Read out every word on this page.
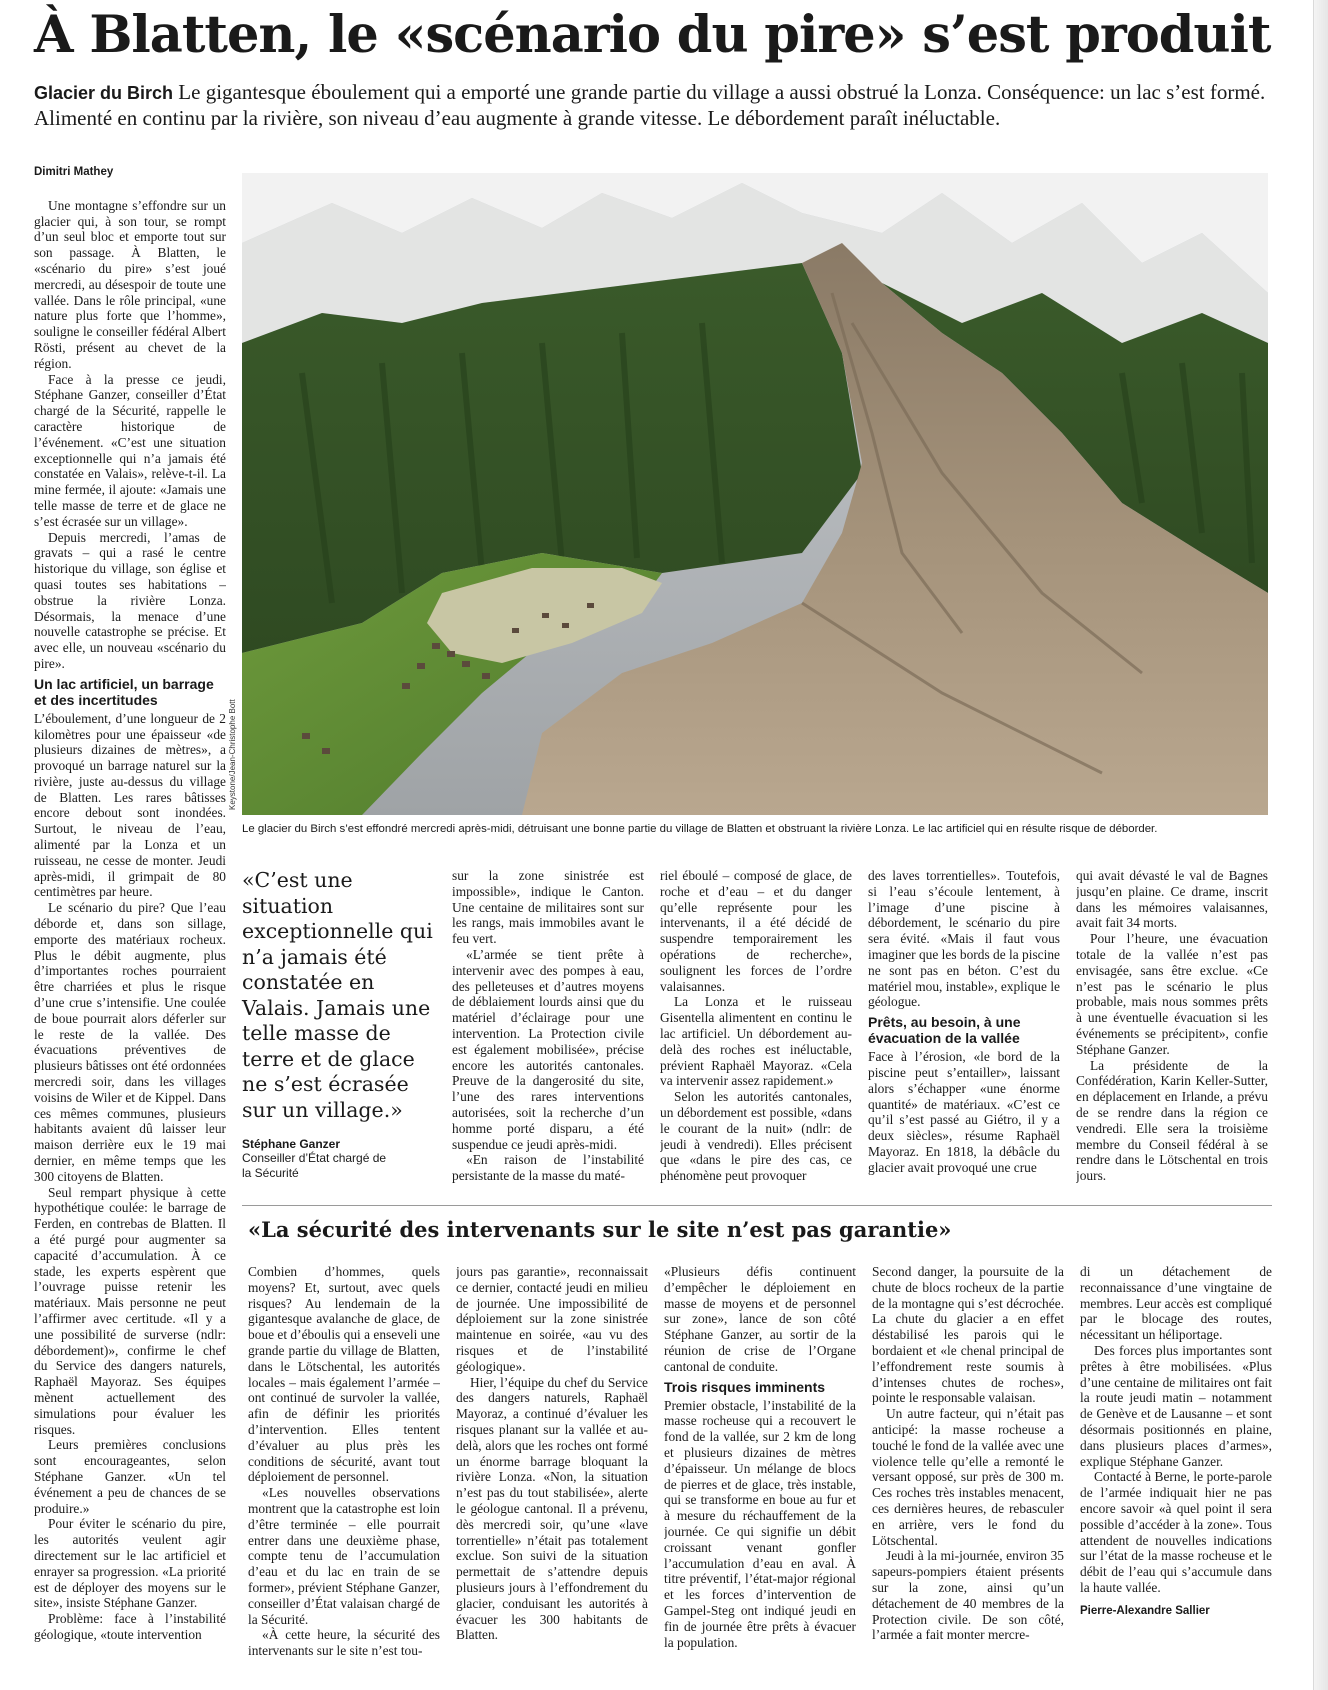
À Blatten, le «scénario du pire» s’est produit

Glacier du Birch Le gigantesque éboulement qui a emporté une grande partie du village a aussi obstrué la Lonza. Conséquence: un lac s’est formé. Alimenté en continu par la rivière, son niveau d’eau augmente à grande vitesse. Le débordement paraît inéluctable.

Dimitri Mathey

Une montagne s’effondre sur un glacier qui, à son tour, se rompt d’un seul bloc et emporte tout sur son passage. À Blatten, le «scénario du pire» s’est joué mercredi, au désespoir de toute une vallée. Dans le rôle principal, «une nature plus forte que l’homme», souligne le conseiller fédéral Albert Rösti, présent au chevet de la région.

Face à la presse ce jeudi, Stéphane Ganzer, conseiller d’État chargé de la Sécurité, rappelle le caractère historique de l’événement. «C’est une situation exceptionnelle qui n’a jamais été constatée en Valais», relève-t-il. La mine fermée, il ajoute: «Jamais une telle masse de terre et de glace ne s’est écrasée sur un village».

Depuis mercredi, l’amas de gravats – qui a rasé le centre historique du village, son église et quasi toutes ses habitations – obstrue la rivière Lonza. Désormais, la menace d’une nouvelle catastrophe se précise. Et avec elle, un nouveau «scénario du pire».

Un lac artificiel, un barrage et des incertitudes

L’éboulement, d’une longueur de 2 kilomètres pour une épaisseur «de plusieurs dizaines de mètres», a provoqué un barrage naturel sur la rivière, juste au-dessus du village de Blatten. Les rares bâtisses encore debout sont inondées. Surtout, le niveau de l’eau, alimenté par la Lonza et un ruisseau, ne cesse de monter. Jeudi après-midi, il grimpait de 80 centimètres par heure.

Le scénario du pire? Que l’eau déborde et, dans son sillage, emporte des matériaux rocheux. Plus le débit augmente, plus d’importantes roches pourraient être charriées et plus le risque d’une crue s’intensifie. Une coulée de boue pourrait alors déferler sur le reste de la vallée. Des évacuations préventives de plusieurs bâtisses ont été ordonnées mercredi soir, dans les villages voisins de Wiler et de Kippel. Dans ces mêmes communes, plusieurs habitants avaient dû laisser leur maison derrière eux le 19 mai dernier, en même temps que les 300 citoyens de Blatten.

Seul rempart physique à cette hypothétique coulée: le barrage de Ferden, en contrebas de Blatten. Il a été purgé pour augmenter sa capacité d’accumulation. À ce stade, les experts espèrent que l’ouvrage puisse retenir les matériaux. Mais personne ne peut l’affirmer avec certitude. «Il y a une possibilité de surverse (ndlr: débordement)», confirme le chef du Service des dangers naturels, Raphaël Mayoraz. Ses équipes mènent actuellement des simulations pour évaluer les risques.

Leurs premières conclusions sont encourageantes, selon Stéphane Ganzer. «Un tel événement a peu de chances de se produire.»

Pour éviter le scénario du pire, les autorités veulent agir directement sur le lac artificiel et enrayer sa progression. «La priorité est de déployer des moyens sur le site», insiste Stéphane Ganzer.

Problème: face à l’instabilité géologique, «toute intervention

Keystone/Jean-Christophe Bott
Le glacier du Birch s’est effondré mercredi après-midi, détruisant une bonne partie du village de Blatten et obstruant la rivière Lonza. Le lac artificiel qui en résulte risque de déborder.

«C’est une situation exceptionnelle qui n’a jamais été constatée en Valais. Jamais une telle masse de terre et de glace ne s’est écrasée sur un village.»

Stéphane Ganzer
Conseiller d’État chargé de la Sécurité

sur la zone sinistrée est impossible», indique le Canton. Une centaine de militaires sont sur les rangs, mais immobiles avant le feu vert.

«L’armée se tient prête à intervenir avec des pompes à eau, des pelleteuses et d’autres moyens de déblaiement lourds ainsi que du matériel d’éclairage pour une intervention. La Protection civile est également mobilisée», précise encore les autorités cantonales. Preuve de la dangerosité du site, l’une des rares interventions autorisées, soit la recherche d’un homme porté disparu, a été suspendue ce jeudi après-midi.

«En raison de l’instabilité persistante de la masse du maté-

riel éboulé – composé de glace, de roche et d’eau – et du danger qu’elle représente pour les intervenants, il a été décidé de suspendre temporairement les opérations de recherche», soulignent les forces de l’ordre valaisannes.

La Lonza et le ruisseau Gisentella alimentent en continu le lac artificiel. Un débordement au-delà des roches est inéluctable, prévient Raphaël Mayoraz. «Cela va intervenir assez rapidement.»

Selon les autorités cantonales, un débordement est possible, «dans le courant de la nuit» (ndlr: de jeudi à vendredi). Elles précisent que «dans le pire des cas, ce phénomène peut provoquer

des laves torrentielles». Toutefois, si l’eau s’écoule lentement, à l’image d’une piscine à débordement, le scénario du pire sera évité. «Mais il faut vous imaginer que les bords de la piscine ne sont pas en béton. C’est du matériel mou, instable», explique le géologue.

Prêts, au besoin, à une évacuation de la vallée

Face à l’érosion, «le bord de la piscine peut s’entailler», laissant alors s’échapper «une énorme quantité» de matériaux. «C’est ce qu’il s’est passé au Giétro, il y a deux siècles», résume Raphaël Mayoraz. En 1818, la débâcle du glacier avait provoqué une crue

qui avait dévasté le val de Bagnes jusqu’en plaine. Ce drame, inscrit dans les mémoires valaisannes, avait fait 34 morts.

Pour l’heure, une évacuation totale de la vallée n’est pas envisagée, sans être exclue. «Ce n’est pas le scénario le plus probable, mais nous sommes prêts à une éventuelle évacuation si les événements se précipitent», confie Stéphane Ganzer.

La présidente de la Confédération, Karin Keller-Sutter, en déplacement en Irlande, a prévu de se rendre dans la région ce vendredi. Elle sera la troisième membre du Conseil fédéral à se rendre dans le Lötschental en trois jours.

«La sécurité des intervenants sur le site n’est pas garantie»

Combien d’hommes, quels moyens? Et, surtout, avec quels risques? Au lendemain de la gigantesque avalanche de glace, de boue et d’éboulis qui a enseveli une grande partie du village de Blatten, dans le Lötschental, les autorités locales – mais également l’armée – ont continué de survoler la vallée, afin de définir les priorités d’intervention. Elles tentent d’évaluer au plus près les conditions de sécurité, avant tout déploiement de personnel.

«Les nouvelles observations montrent que la catastrophe est loin d’être terminée – elle pourrait entrer dans une deuxième phase, compte tenu de l’accumulation d’eau et du lac en train de se former», prévient Stéphane Ganzer, conseiller d’État valaisan chargé de la Sécurité.

«À cette heure, la sécurité des intervenants sur le site n’est tou-

jours pas garantie», reconnaissait ce dernier, contacté jeudi en milieu de journée. Une impossibilité de déploiement sur la zone sinistrée maintenue en soirée, «au vu des risques et de l’instabilité géologique».

Hier, l’équipe du chef du Service des dangers naturels, Raphaël Mayoraz, a continué d’évaluer les risques planant sur la vallée et au-delà, alors que les roches ont formé un énorme barrage bloquant la rivière Lonza. «Non, la situation n’est pas du tout stabilisée», alerte le géologue cantonal. Il a prévenu, dès mercredi soir, qu’une «lave torrentielle» n’était pas totalement exclue. Son suivi de la situation permettait de s’attendre depuis plusieurs jours à l’effondrement du glacier, conduisant les autorités à évacuer les 300 habitants de Blatten.

«Plusieurs défis continuent d’empêcher le déploiement en masse de moyens et de personnel sur zone», lance de son côté Stéphane Ganzer, au sortir de la réunion de crise de l’Organe cantonal de conduite.

Trois risques imminents

Premier obstacle, l’instabilité de la masse rocheuse qui a recouvert le fond de la vallée, sur 2 km de long et plusieurs dizaines de mètres d’épaisseur. Un mélange de blocs de pierres et de glace, très instable, qui se transforme en boue au fur et à mesure du réchauffement de la journée. Ce qui signifie un débit croissant venant gonfler l’accumulation d’eau en aval. À titre préventif, l’état-major régional et les forces d’intervention de Gampel-Steg ont indiqué jeudi en fin de journée être prêts à évacuer la population.

Second danger, la poursuite de la chute de blocs rocheux de la partie de la montagne qui s’est décrochée. La chute du glacier a en effet déstabilisé les parois qui le bordaient et «le chenal principal de l’effondrement reste soumis à d’intenses chutes de roches», pointe le responsable valaisan.

Un autre facteur, qui n’était pas anticipé: la masse rocheuse a touché le fond de la vallée avec une violence telle qu’elle a remonté le versant opposé, sur près de 300 m. Ces roches très instables menacent, ces dernières heures, de rebasculer en arrière, vers le fond du Lötschental.

Jeudi à la mi-journée, environ 35 sapeurs-pompiers étaient présents sur la zone, ainsi qu’un détachement de 40 membres de la Protection civile. De son côté, l’armée a fait monter mercre-

di un détachement de reconnaissance d’une vingtaine de membres. Leur accès est compliqué par le blocage des routes, nécessitant un héliportage.

Des forces plus importantes sont prêtes à être mobilisées. «Plus d’une centaine de militaires ont fait la route jeudi matin – notamment de Genève et de Lausanne – et sont désormais positionnés en plaine, dans plusieurs places d’armes», explique Stéphane Ganzer.

Contacté à Berne, le porte-parole de l’armée indiquait hier ne pas encore savoir «à quel point il sera possible d’accéder à la zone». Tous attendent de nouvelles indications sur l’état de la masse rocheuse et le débit de l’eau qui s’accumule dans la haute vallée.

Pierre-Alexandre Sallier
